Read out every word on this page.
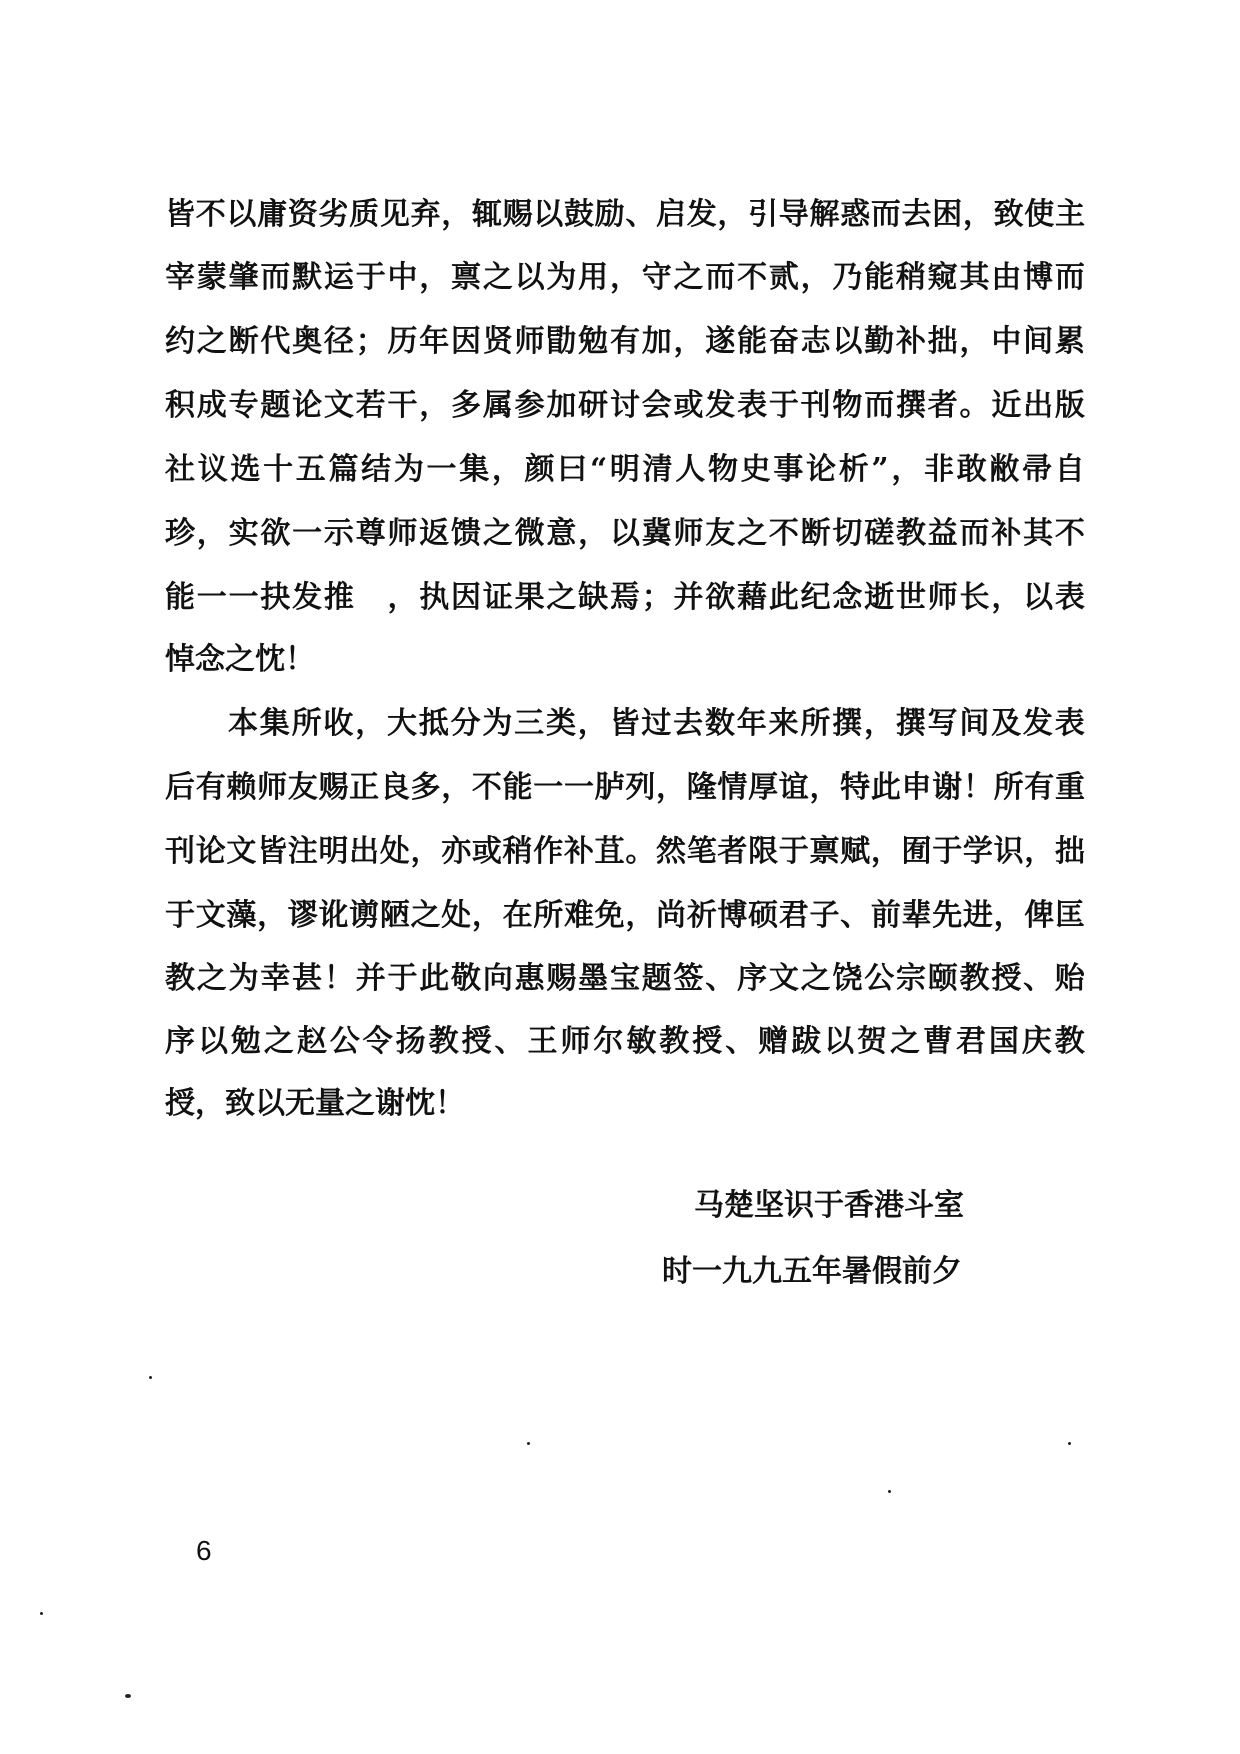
皆 不 以 庸 资 劣 质 见 弃 ， 辄 赐 以 鼓 励 、 启 发 ， 引 导 解 惑 而 去 困 ， 致 使 主
宰 蒙 肇 而 默 运 于 中 ， 禀 之 以 为 用 ， 守 之 而 不 贰 ， 乃 能 稍 窥 其 由 博 而
约 之 断 代 奥 径 ； 历 年 因 贤 师 勖 勉 有 加 ， 遂 能 奋 志 以 勤 补 拙 ， 中 间 累
积 成 专 题 论 文 若 干 ， 多 属 参 加 研 讨 会 或 发 表 于 刊 物 而 撰 者 。 近 出 版
社 议 选 十 五 篇 结 为 一 集 ， 颜 曰 “ 明 清 人 物 史 事 论 析 ” ， 非 敢 敝 帚 自
珍 ， 实 欲 一 示 尊 师 返 馈 之 微 意 ， 以 冀 师 友 之 不 断 切 磋 教 益 而 补 其 不
能 一 一 抉 发 推
　 ， 执 因 证 果 之 缺 焉 ； 并 欲 藉 此 纪 念 逝 世 师 长 ， 以 表
悼念之忱！
本 集 所 收 ， 大 抵 分 为 三 类 ， 皆 过 去 数 年 来 所 撰 ， 撰 写 间 及 发 表
后 有 赖 师 友 赐 正 良 多 ， 不 能 一 一 胪 列 ， 隆 情 厚 谊 ， 特 此 申 谢 ！ 所 有 重
刊 论 文 皆 注 明 出 处 ， 亦 或 稍 作 补 苴 。 然 笔 者 限 于 禀 赋 ， 囿 于 学 识 ， 拙
于 文 藻 ， 谬 讹 谫 陋 之 处 ， 在 所 难 免 ， 尚 祈 博 硕 君 子 、 前 辈 先 进 ， 俾 匡
教 之 为 幸 甚 ！ 并 于 此 敬 向 惠 赐 墨 宝 题 签 、 序 文 之 饶 公 宗 颐 教 授 、 贻
序 以 勉 之 赵 公 令 扬 教 授 、 王 师 尔 敏 教 授 、 赠 跋 以 贺 之 曹 君 国 庆 教
授，致以无量之谢忱！
马楚坚识于香港斗室
时一九九五年暑假前夕
6
